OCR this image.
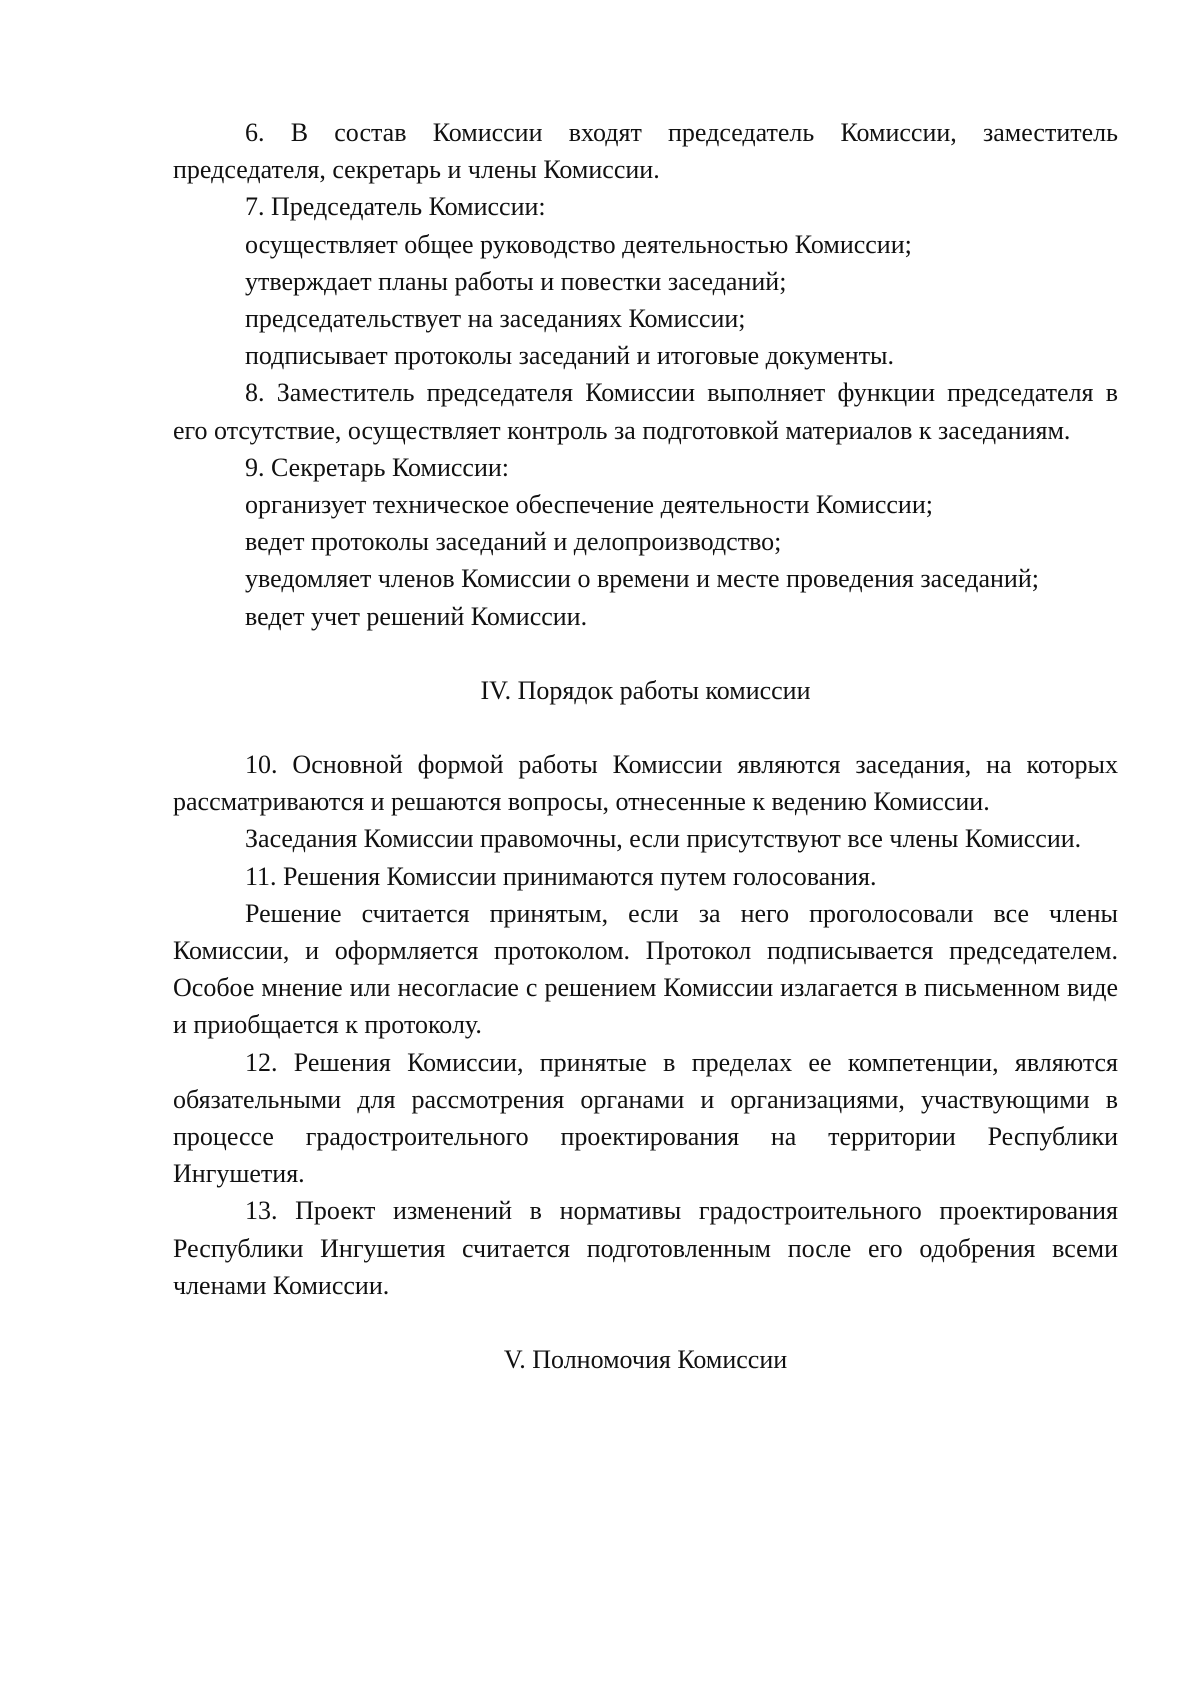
6. В состав Комиссии входят председатель Комиссии, заместитель председателя, секретарь и члены Комиссии.

7. Председатель Комиссии:

осуществляет общее руководство деятельностью Комиссии;

утверждает планы работы и повестки заседаний;

председательствует на заседаниях Комиссии;

подписывает протоколы заседаний и итоговые документы.

8. Заместитель председателя Комиссии выполняет функции председателя в его отсутствие, осуществляет контроль за подготовкой материалов к заседаниям.

9. Секретарь Комиссии:

организует техническое обеспечение деятельности Комиссии;

ведет протоколы заседаний и делопроизводство;

уведомляет членов Комиссии о времени и месте проведения заседаний;

ведет учет решений Комиссии.

IV. Порядок работы комиссии

10. Основной формой работы Комиссии являются заседания, на которых рассматриваются и решаются вопросы, отнесенные к ведению Комиссии.

Заседания Комиссии правомочны, если присутствуют все члены Комиссии.

11. Решения Комиссии принимаются путем голосования.

Решение считается принятым, если за него проголосовали все члены Комиссии, и оформляется протоколом. Протокол подписывается председателем. Особое мнение или несогласие с решением Комиссии излагается в письменном виде и приобщается к протоколу.

12. Решения Комиссии, принятые в пределах ее компетенции, являются обязательными для рассмотрения органами и организациями, участвующими в процессе градостроительного проектирования на территории Республики Ингушетия.

13. Проект изменений в нормативы градостроительного проектирования Республики Ингушетия считается подготовленным после его одобрения всеми членами Комиссии.

V. Полномочия Комиссии
